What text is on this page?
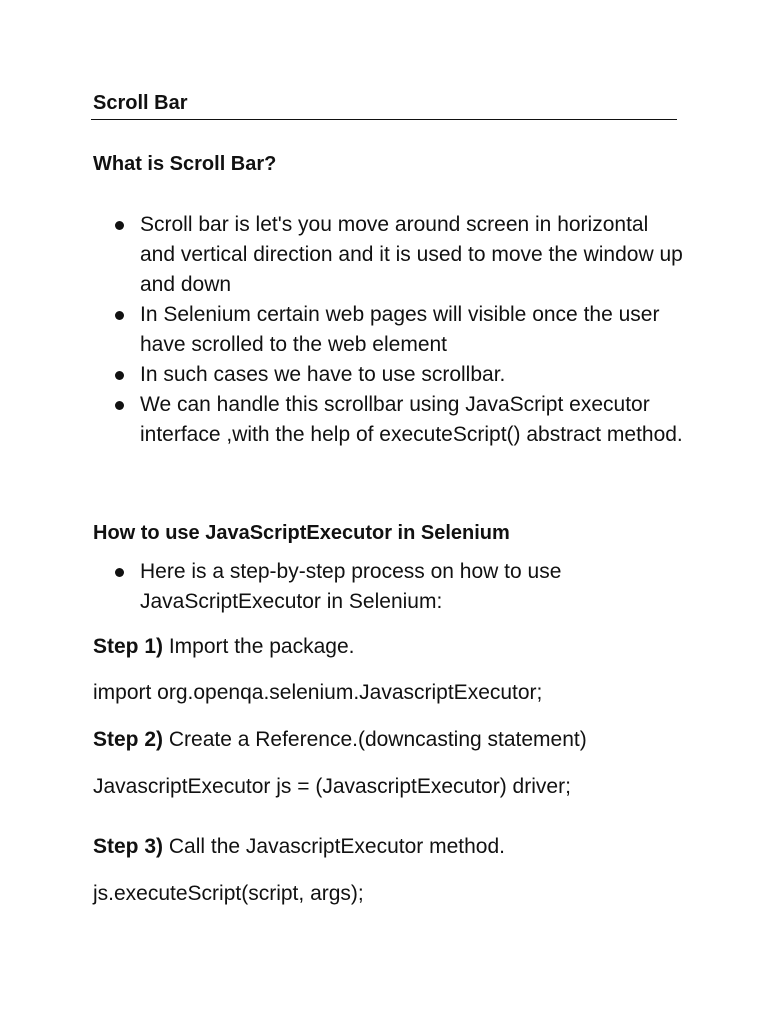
Scroll Bar
What is Scroll Bar?
Scroll bar is let's you move around screen in horizontal and vertical direction and it is used to move the window up and down
In Selenium certain web pages will visible once the user have scrolled to the web element
In such cases we have to use scrollbar.
We can handle this scrollbar using JavaScript executor interface ,with the help of executeScript() abstract method.
How to use JavaScriptExecutor in Selenium
Here is a step-by-step process on how to use JavaScriptExecutor in Selenium:
Step 1) Import the package.
import org.openqa.selenium.JavascriptExecutor;
Step 2) Create a Reference.(downcasting statement)
JavascriptExecutor js = (JavascriptExecutor) driver;
Step 3) Call the JavascriptExecutor method.
js.executeScript(script, args);
